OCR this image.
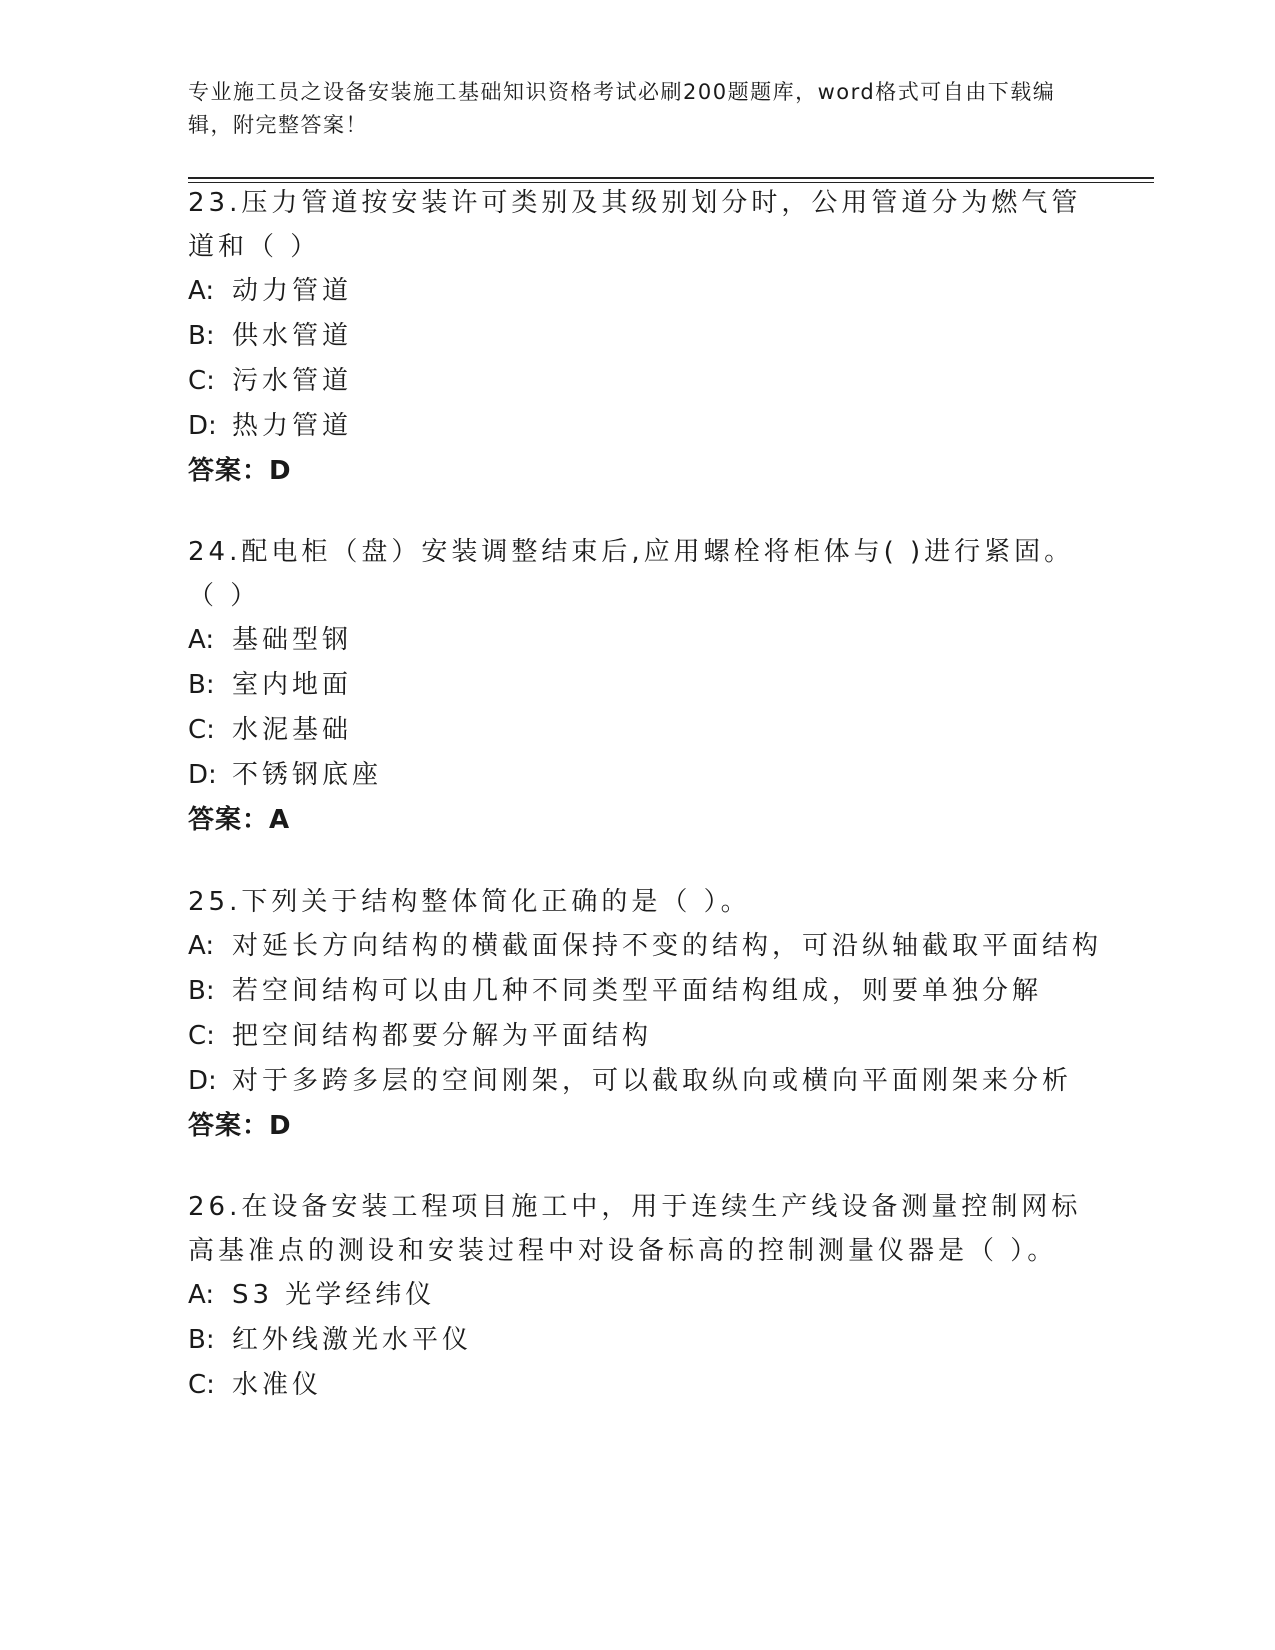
专业施工员之设备安装施工基础知识资格考试必刷200题题库，word格式可自由下载编辑，附完整答案！

23.压力管道按安装许可类别及其级别划分时，公用管道分为燃气管道和（ ）

A: 动力管道
B: 供水管道
C: 污水管道
D: 热力管道
答案：D

24.配电柜（盘）安装调整结束后,应用螺栓将柜体与( )进行紧固。（ ）

A: 基础型钢
B: 室内地面
C: 水泥基础
D: 不锈钢底座
答案：A

25.下列关于结构整体简化正确的是（ ）。

A: 对延长方向结构的横截面保持不变的结构，可沿纵轴截取平面结构
B: 若空间结构可以由几种不同类型平面结构组成，则要单独分解
C: 把空间结构都要分解为平面结构
D: 对于多跨多层的空间刚架，可以截取纵向或横向平面刚架来分析
答案：D

26.在设备安装工程项目施工中，用于连续生产线设备测量控制网标高基准点的测设和安装过程中对设备标高的控制测量仪器是（ ）。

A: S3 光学经纬仪
B: 红外线激光水平仪
C: 水准仪
